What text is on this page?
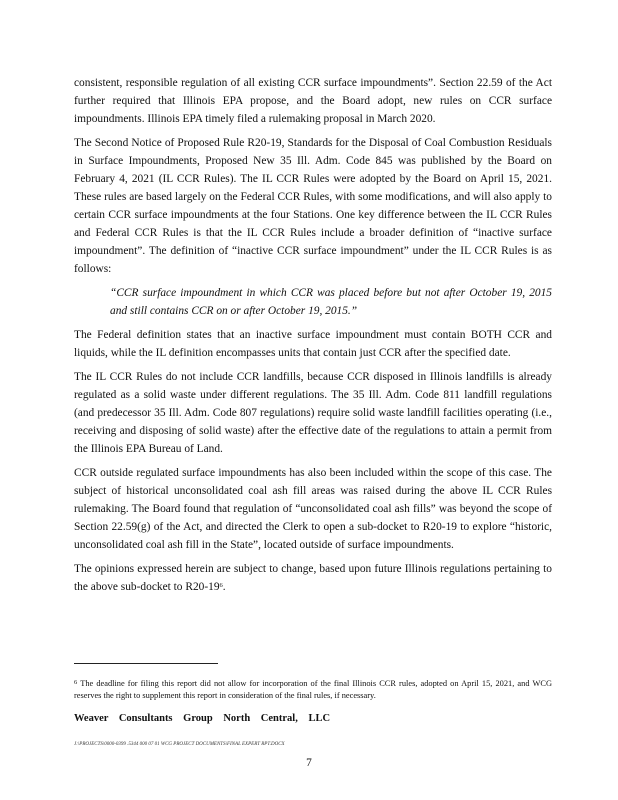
consistent, responsible regulation of all existing CCR surface impoundments”. Section 22.59 of the Act further required that Illinois EPA propose, and the Board adopt, new rules on CCR surface impoundments. Illinois EPA timely filed a rulemaking proposal in March 2020.

The Second Notice of Proposed Rule R20-19, Standards for the Disposal of Coal Combustion Residuals in Surface Impoundments, Proposed New 35 Ill. Adm. Code 845 was published by the Board on February 4, 2021 (IL CCR Rules). The IL CCR Rules were adopted by the Board on April 15, 2021. These rules are based largely on the Federal CCR Rules, with some modifications, and will also apply to certain CCR surface impoundments at the four Stations. One key difference between the IL CCR Rules and Federal CCR Rules is that the IL CCR Rules include a broader definition of “inactive surface impoundment”. The definition of “inactive CCR surface impoundment” under the IL CCR Rules is as follows:

“CCR surface impoundment in which CCR was placed before but not after October 19, 2015 and still contains CCR on or after October 19, 2015.”

The Federal definition states that an inactive surface impoundment must contain BOTH CCR and liquids, while the IL definition encompasses units that contain just CCR after the specified date.

The IL CCR Rules do not include CCR landfills, because CCR disposed in Illinois landfills is already regulated as a solid waste under different regulations. The 35 Ill. Adm. Code 811 landfill regulations (and predecessor 35 Ill. Adm. Code 807 regulations) require solid waste landfill facilities operating (i.e., receiving and disposing of solid waste) after the effective date of the regulations to attain a permit from the Illinois EPA Bureau of Land.

CCR outside regulated surface impoundments has also been included within the scope of this case. The subject of historical unconsolidated coal ash fill areas was raised during the above IL CCR Rules rulemaking. The Board found that regulation of “unconsolidated coal ash fills” was beyond the scope of Section 22.59(g) of the Act, and directed the Clerk to open a sub-docket to R20-19 to explore “historic, unconsolidated coal ash fill in the State”, located outside of surface impoundments.

The opinions expressed herein are subject to change, based upon future Illinois regulations pertaining to the above sub-docket to $R20-19^6$.

$^6$ The deadline for filing this report did not allow for incorporation of the final Illinois CCR rules, adopted on April 15, 2021, and WCG reserves the right to supplement this report in consideration of the final rules, if necessary.
Weaver Consultants Group North Central, LLC
J:\PROJECTS\0000-0399 .5344 000 07 01 WCG PROJECT DOCUMENTS\FINAL EXPERT RPT.DOCX
7
